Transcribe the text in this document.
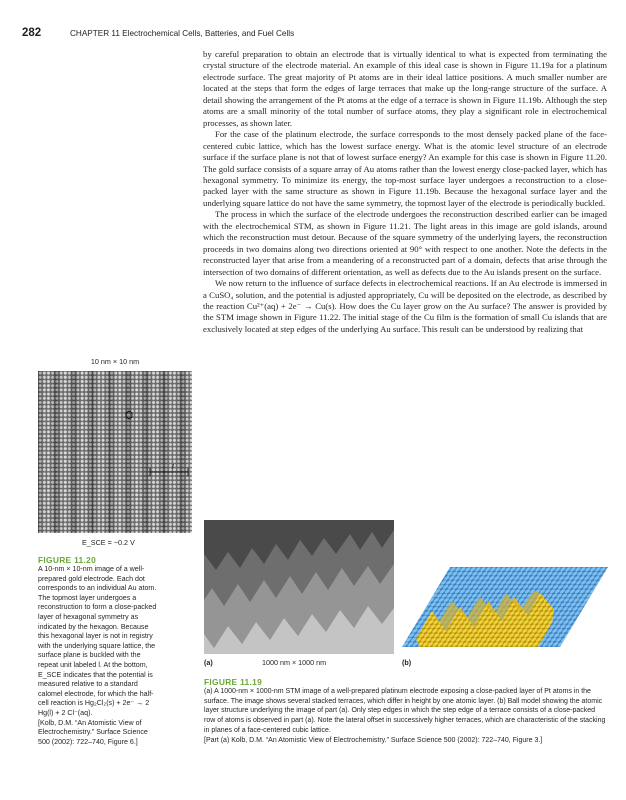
282	CHAPTER 11 Electrochemical Cells, Batteries, and Fuel Cells

by careful preparation to obtain an electrode that is virtually identical to what is expected from terminating the crystal structure of the electrode material. An example of this ideal case is shown in Figure 11.19a for a platinum electrode surface. The great majority of Pt atoms are in their ideal lattice positions. A much smaller number are located at the steps that form the edges of large terraces that make up the long-range structure of the surface. A detail showing the arrangement of the Pt atoms at the edge of a terrace is shown in Figure 11.19b. Although the step atoms are a small minority of the total number of surface atoms, they play a significant role in electrochemical processes, as shown later.

For the case of the platinum electrode, the surface corresponds to the most densely packed plane of the face-centered cubic lattice, which has the lowest surface energy. What is the atomic level structure of an electrode surface if the surface plane is not that of lowest surface energy? An example for this case is shown in Figure 11.20. The gold surface consists of a square array of Au atoms rather than the lowest energy close-packed layer, which has hexagonal symmetry. To minimize its energy, the top-most surface layer undergoes a reconstruction to a close-packed layer with the same structure as shown in Figure 11.19b. Because the hexagonal surface layer and the underlying square lattice do not have the same symmetry, the topmost layer of the electrode is periodically buckled.

The process in which the surface of the electrode undergoes the reconstruction described earlier can be imaged with the electrochemical STM, as shown in Figure 11.21. The light areas in this image are gold islands, around which the reconstruction must detour. Because of the square symmetry of the underlying layers, the reconstruction proceeds in two domains along two directions oriented at 90° with respect to one another. Note the defects in the reconstructed layer that arise from a meandering of a reconstructed part of a domain, defects that arise through the intersection of two domains of different orientation, as well as defects due to the Au islands present on the surface.

We now return to the influence of surface defects in electrochemical reactions. If an Au electrode is immersed in a CuSO₄ solution, and the potential is adjusted appropriately, Cu will be deposited on the electrode, as described by the reaction Cu²⁺(aq) + 2e⁻ → Cu(s). How does the Cu layer grow on the Au surface? The answer is provided by the STM image shown in Figure 11.22. The initial stage of the Cu film is the formation of small Cu islands that are exclusively located at step edges of the underlying Au surface. This result can be understood by realizing that

10 nm × 10 nm
l
E_SCE = −0.2 V
FIGURE 11.20
A 10-nm × 10-nm image of a well-prepared gold electrode. Each dot corresponds to an individual Au atom. The topmost layer undergoes a reconstruction to form a close-packed layer of hexagonal symmetry as indicated by the hexagon. Because this hexagonal layer is not in registry with the underlying square lattice, the surface plane is buckled with the repeat unit labeled l. At the bottom, E_SCE indicates that the potential is measured relative to a standard calomel electrode, for which the half-cell reaction is Hg₂Cl₂(s) + 2e⁻ → 2 Hg(l) + 2 Cl⁻(aq).
[Kolb, D.M. “An Atomistic View of Electrochemistry.” Surface Science 500 (2002): 722–740, Figure 6.]
(a)	1000 nm × 1000 nm	(b)
FIGURE 11.19
(a) A 1000-nm × 1000-nm STM image of a well-prepared platinum electrode exposing a close-packed layer of Pt atoms in the surface. The image shows several stacked terraces, which differ in height by one atomic layer. (b) Ball model showing the atomic layer structure underlying the image of part (a). Only step edges in which the step edge of a terrace consists of a close-packed row of atoms is observed in part (a). Note the lateral offset in successively higher terraces, which are characteristic of the stacking in planes of a face-centered cubic lattice.
[Part (a) Kolb, D.M. “An Atomistic View of Electrochemistry.” Surface Science 500 (2002): 722–740, Figure 3.]
